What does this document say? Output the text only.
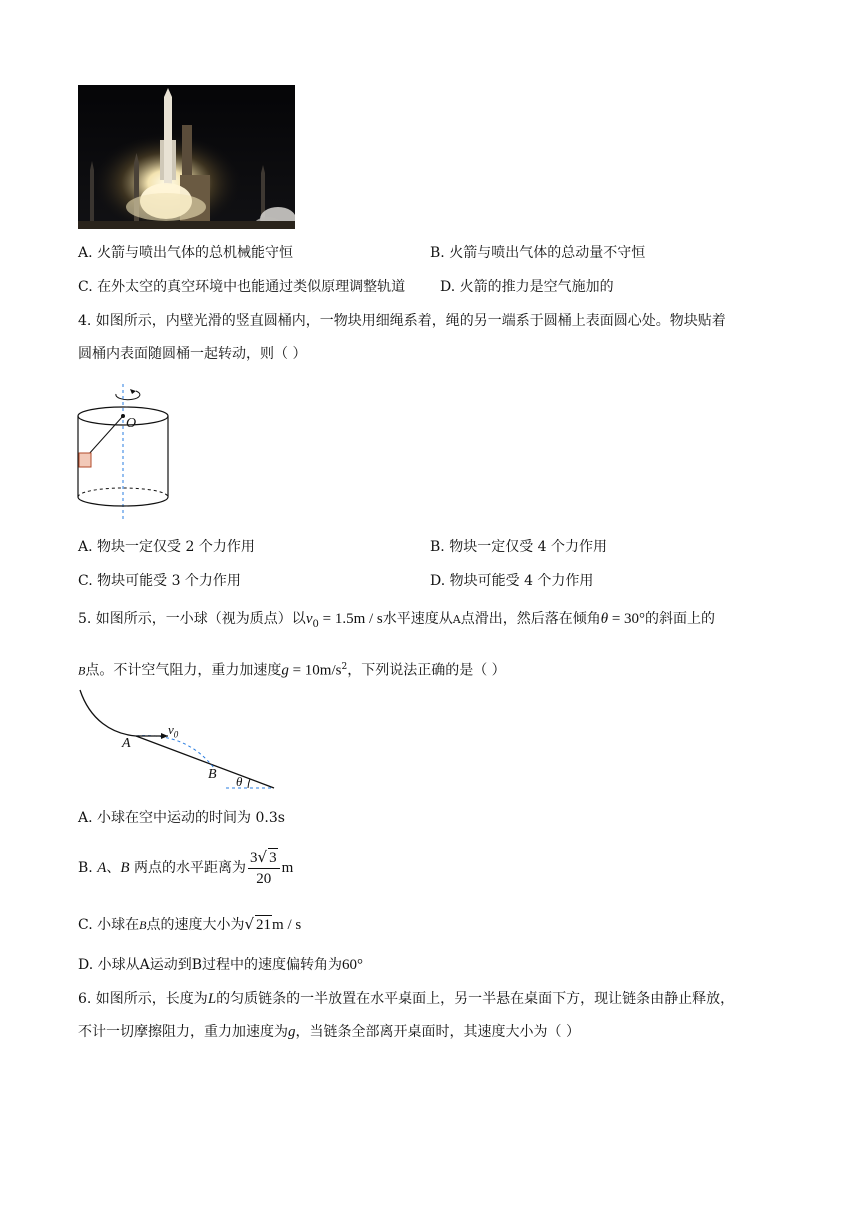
A. 火箭与喷出气体的总机械能守恒	B. 火箭与喷出气体的总动量不守恒
C. 在外太空的真空环境中也能通过类似原理调整轨道 D. 火箭的推力是空气施加的
4. 如图所示，内壁光滑的竖直圆桶内，一物块用细绳系着，绳的另一端系于圆桶上表面圆心处。物块贴着
圆桶内表面随圆桶一起转动，则（ ）
O
A. 物块一定仅受 2 个力作用	B. 物块一定仅受 4 个力作用
C. 物块可能受 3 个力作用	D. 物块可能受 4 个力作用
5. 如图所示，一小球（视为质点）以$v_0 = 1.5m / s$水平速度从A点滑出，然后落在倾角θ = 30°的斜面上的
B点。不计空气阻力，重力加速度$g = 10m/s^2$，下列说法正确的是（ ）
$v_0$
A
B θ
A. 小球在空中运动的时间为 0.3s
B. A、B 两点的水平距离为 $\frac{3√ 3}{20}$ m
C. 小球在B点的速度大小为√ 21m / s
D. 小球从A运动到B过程中的速度偏转角为60°
6. 如图所示，长度为L的匀质链条的一半放置在水平桌面上，另一半悬在桌面下方，现让链条由静止释放，
不计一切摩擦阻力，重力加速度为g，当链条全部离开桌面时，其速度大小为（ ）
